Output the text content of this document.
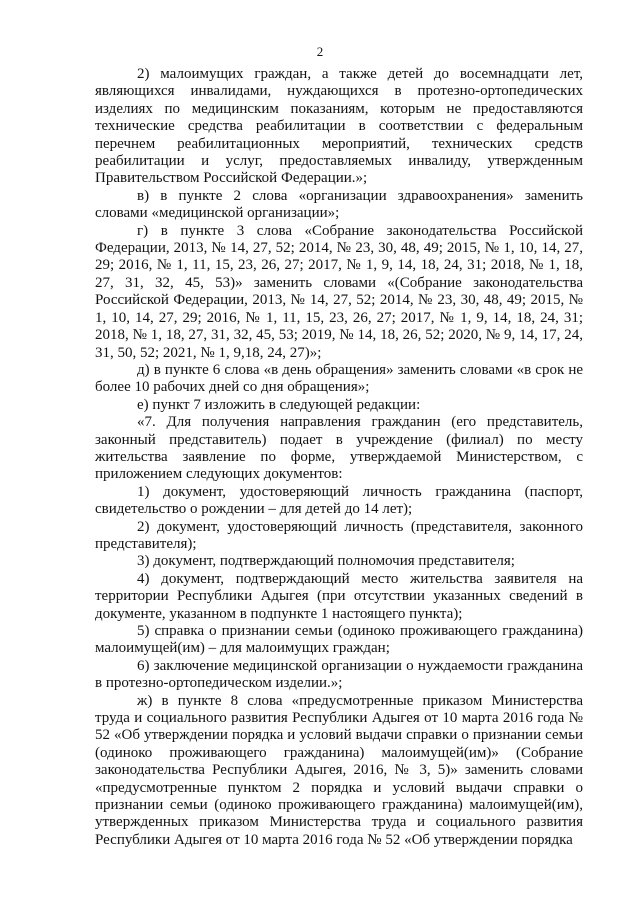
2

2) малоимущих граждан, а также детей до восемнадцати лет, являющихся инвалидами, нуждающихся в протезно-ортопедических изделиях по медицинским показаниям, которым не предоставляются технические средства реабилитации в соответствии с федеральным перечнем реабилитационных мероприятий, технических средств реабилитации и услуг, предоставляемых инвалиду, утвержденным Правительством Российской Федерации.»;

в) в пункте 2 слова «организации здравоохранения» заменить словами «медицинской организации»;

г) в пункте 3 слова «Собрание законодательства Российской Федерации, 2013, № 14, 27, 52; 2014, № 23, 30, 48, 49; 2015, № 1, 10, 14, 27, 29; 2016, № 1, 11, 15, 23, 26, 27; 2017, № 1, 9, 14, 18, 24, 31; 2018, № 1, 18, 27, 31, 32, 45, 53)» заменить словами «(Собрание законодательства Российской Федерации, 2013, № 14, 27, 52; 2014, № 23, 30, 48, 49; 2015, № 1, 10, 14, 27, 29; 2016, № 1, 11, 15, 23, 26, 27; 2017, № 1, 9, 14, 18, 24, 31; 2018, № 1, 18, 27, 31, 32, 45, 53; 2019, № 14, 18, 26, 52; 2020, № 9, 14, 17, 24, 31, 50, 52; 2021, № 1, 9,18, 24, 27)»;

д) в пункте 6 слова «в день обращения» заменить словами «в срок не более 10 рабочих дней со дня обращения»;

е) пункт 7 изложить в следующей редакции:

«7. Для получения направления гражданин (его представитель, законный представитель) подает в учреждение (филиал) по месту жительства заявление по форме, утверждаемой Министерством, с приложением следующих документов:

1) документ, удостоверяющий личность гражданина (паспорт, свидетельство о рождении – для детей до 14 лет);

2) документ, удостоверяющий личность (представителя, законного представителя);

3) документ, подтверждающий полномочия представителя;

4) документ, подтверждающий место жительства заявителя на территории Республики Адыгея (при отсутствии указанных сведений в документе, указанном в подпункте 1 настоящего пункта);

5) справка о признании семьи (одиноко проживающего гражданина) малоимущей(им) – для малоимущих граждан;

6) заключение медицинской организации о нуждаемости гражданина в протезно-ортопедическом изделии.»;

ж) в пункте 8 слова «предусмотренные приказом Министерства труда и социального развития Республики Адыгея от 10 марта 2016 года № 52 «Об утверждении порядка и условий выдачи справки о признании семьи (одиноко проживающего гражданина) малоимущей(им)» (Собрание законодательства Республики Адыгея, 2016, № 3, 5)» заменить словами «предусмотренные пунктом 2 порядка и условий выдачи справки о признании семьи (одиноко проживающего гражданина) малоимущей(им), утвержденных приказом Министерства труда и социального развития Республики Адыгея от 10 марта 2016 года № 52 «Об утверждении порядка
